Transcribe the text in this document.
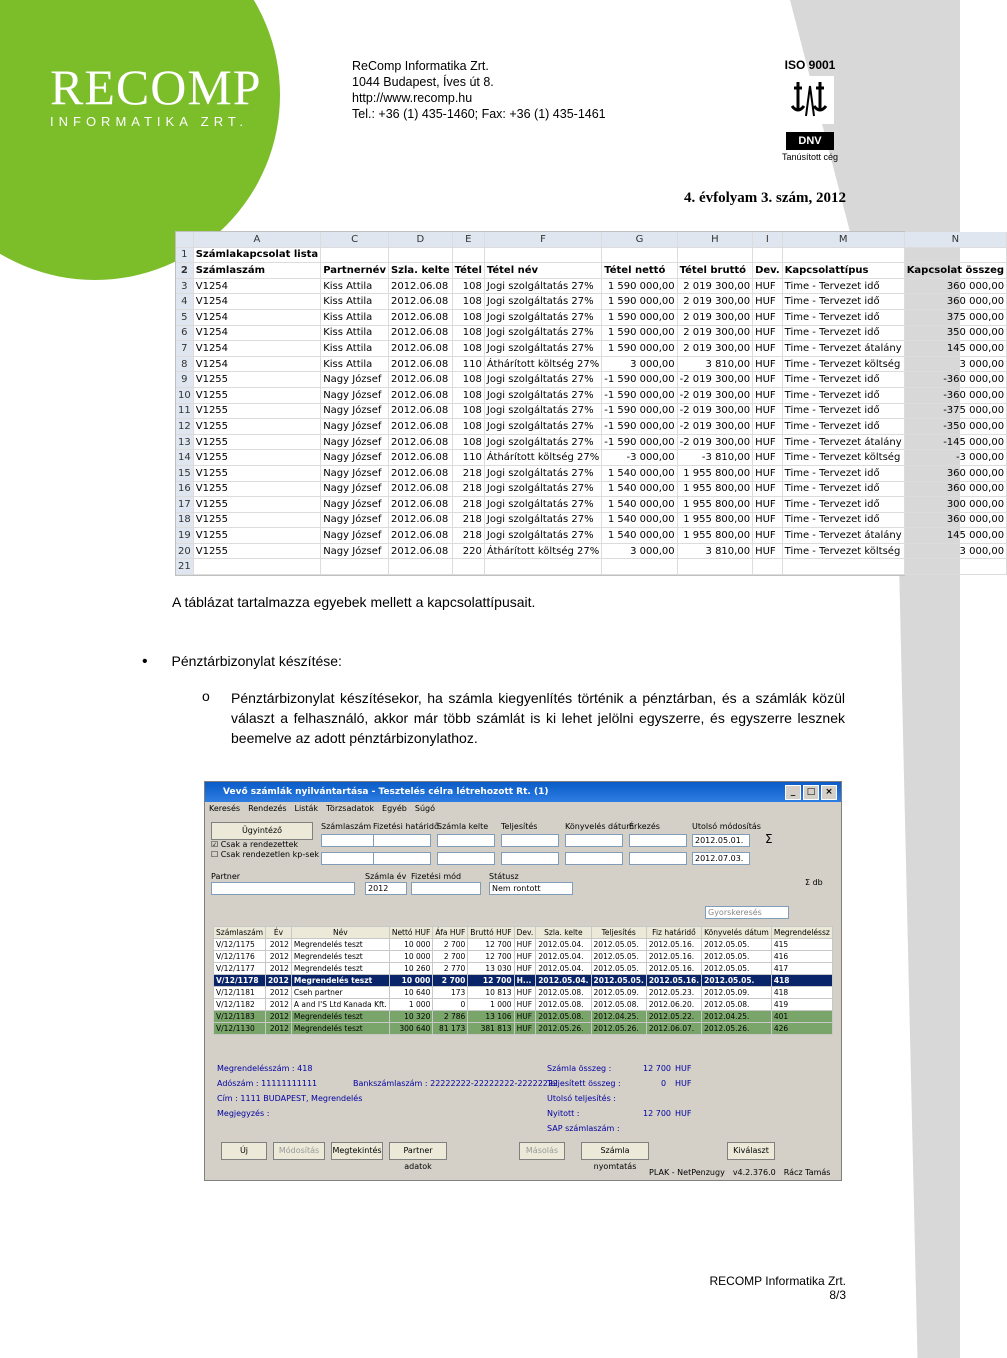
RECOMP
INFORMATIKA ZRT.
ReComp Informatika Zrt.
1044 Budapest, Íves út 8.
http://www.recomp.hu
Tel.: +36 (1) 435-1460; Fax: +36 (1) 435-1461
ISO 9001
DNV
Tanúsított cég
4. évfolyam 3. szám, 2012
	A	C	D	E	F	G	H	I	M	N
1	Számlakapcsolat lista									
2	Számlaszám	Partnernév	Szla. kelte	Tétel	Tétel név	Tétel nettó	Tétel bruttó	Dev.	Kapcsolattípus	Kapcsolat összeg
3	V1254	Kiss Attila	2012.06.08	108	Jogi szolgáltatás 27%	1 590 000,00	2 019 300,00	HUF	Time - Tervezet idő	360 000,00
4	V1254	Kiss Attila	2012.06.08	108	Jogi szolgáltatás 27%	1 590 000,00	2 019 300,00	HUF	Time - Tervezet idő	360 000,00
5	V1254	Kiss Attila	2012.06.08	108	Jogi szolgáltatás 27%	1 590 000,00	2 019 300,00	HUF	Time - Tervezet idő	375 000,00
6	V1254	Kiss Attila	2012.06.08	108	Jogi szolgáltatás 27%	1 590 000,00	2 019 300,00	HUF	Time - Tervezet idő	350 000,00
7	V1254	Kiss Attila	2012.06.08	108	Jogi szolgáltatás 27%	1 590 000,00	2 019 300,00	HUF	Time - Tervezet átalány	145 000,00
8	V1254	Kiss Attila	2012.06.08	110	Áthárított költség 27%	3 000,00	3 810,00	HUF	Time - Tervezet költség	3 000,00
9	V1255	Nagy József	2012.06.08	108	Jogi szolgáltatás 27%	-1 590 000,00	-2 019 300,00	HUF	Time - Tervezet idő	-360 000,00
10	V1255	Nagy József	2012.06.08	108	Jogi szolgáltatás 27%	-1 590 000,00	-2 019 300,00	HUF	Time - Tervezet idő	-360 000,00
11	V1255	Nagy József	2012.06.08	108	Jogi szolgáltatás 27%	-1 590 000,00	-2 019 300,00	HUF	Time - Tervezet idő	-375 000,00
12	V1255	Nagy József	2012.06.08	108	Jogi szolgáltatás 27%	-1 590 000,00	-2 019 300,00	HUF	Time - Tervezet idő	-350 000,00
13	V1255	Nagy József	2012.06.08	108	Jogi szolgáltatás 27%	-1 590 000,00	-2 019 300,00	HUF	Time - Tervezet átalány	-145 000,00
14	V1255	Nagy József	2012.06.08	110	Áthárított költség 27%	-3 000,00	-3 810,00	HUF	Time - Tervezet költség	-3 000,00
15	V1255	Nagy József	2012.06.08	218	Jogi szolgáltatás 27%	1 540 000,00	1 955 800,00	HUF	Time - Tervezet idő	360 000,00
16	V1255	Nagy József	2012.06.08	218	Jogi szolgáltatás 27%	1 540 000,00	1 955 800,00	HUF	Time - Tervezet idő	360 000,00
17	V1255	Nagy József	2012.06.08	218	Jogi szolgáltatás 27%	1 540 000,00	1 955 800,00	HUF	Time - Tervezet idő	300 000,00
18	V1255	Nagy József	2012.06.08	218	Jogi szolgáltatás 27%	1 540 000,00	1 955 800,00	HUF	Time - Tervezet idő	360 000,00
19	V1255	Nagy József	2012.06.08	218	Jogi szolgáltatás 27%	1 540 000,00	1 955 800,00	HUF	Time - Tervezet átalány	145 000,00
20	V1255	Nagy József	2012.06.08	220	Áthárított költség 27%	3 000,00	3 810,00	HUF	Time - Tervezet költség	3 000,00
21										
A táblázat tartalmazza egyebek mellett a kapcsolattípusait.
• Pénztárbizonylat készítése:
o Pénztárbizonylat készítésekor, ha számla kiegyenlítés történik a pénztárban, és a számlák közül választ a felhasználó, akkor már több számlát is ki lehet jelölni egyszerre, és egyszerre lesznek beemelve az adott pénztárbizonylathoz.
Vevő számlák nyilvántartása - Tesztelés célra létrehozott Rt. (1)	_	□	×
Keresés Rendezés Listák Törzsadatok Egyéb Súgó
Ügyintéző
☑ Csak a rendezettek
☐ Csak rendezetlen kp-sek
Számlaszám Fizetési határidő
Számla kelte Teljesítés	Könyvelés dátum
Érkezés	Utolsó módosítás
2012.05.01.
2012.07.03.
Σ
Partner	Számla év
2012
Fizetési mód	Státusz
Nem rontott
Σ db
Gyorskeresés
Számlaszám	Év	Név	Nettó HUF	Áfa HUF	Bruttó HUF	Dev.	Szla. kelte	Teljesítés	Fiz határidő	Könyvelés dátum	Megrendeléssz
V/12/1175	2012	Megrendelés teszt	10 000	2 700	12 700	HUF	2012.05.04.	2012.05.05.	2012.05.16.	2012.05.05.	415
V/12/1176	2012	Megrendelés teszt	10 000	2 700	12 700	HUF	2012.05.04.	2012.05.05.	2012.05.16.	2012.05.05.	416
V/12/1177	2012	Megrendelés teszt	10 260	2 770	13 030	HUF	2012.05.04.	2012.05.05.	2012.05.16.	2012.05.05.	417
V/12/1178	2012	Megrendelés teszt	10 000	2 700	12 700	H...	2012.05.04.	2012.05.05.	2012.05.16.	2012.05.05.	418
V/12/1181	2012	Cseh partner	10 640	173	10 813	HUF	2012.05.08.	2012.05.09.	2012.05.23.	2012.05.09.	418
V/12/1182	2012	A and I'S Ltd Kanada Kft.	1 000	0	1 000	HUF	2012.05.08.	2012.05.08.	2012.06.20.	2012.05.08.	419
V/12/1183	2012	Megrendelés teszt	10 320	2 786	13 106	HUF	2012.05.08.	2012.04.25.	2012.05.22.	2012.04.25.	401
V/12/1130	2012	Megrendelés teszt	300 640	81 173	381 813	HUF	2012.05.26.	2012.05.26.	2012.06.07.	2012.05.26.	426
Megrendelésszám : 418
Adószám : 11111111111	Bankszámlaszám : 22222222-22222222-22222222
Cím : 1111 BUDAPEST, Megrendelés
Megjegyzés :
Számla összeg :	12 700 HUF
Teljesített összeg :	0 HUF
Utolsó teljesítés :
Nyitott :	12 700 HUF
SAP számlaszám :
Új	Módosítás	Megtekintés	Partner adatok
Másolás	Számla nyomtatás
Kiválaszt
PLAK - NetPenzugy v4.2.376.0 Rácz Tamás
RECOMP Informatika Zrt.
8/3
